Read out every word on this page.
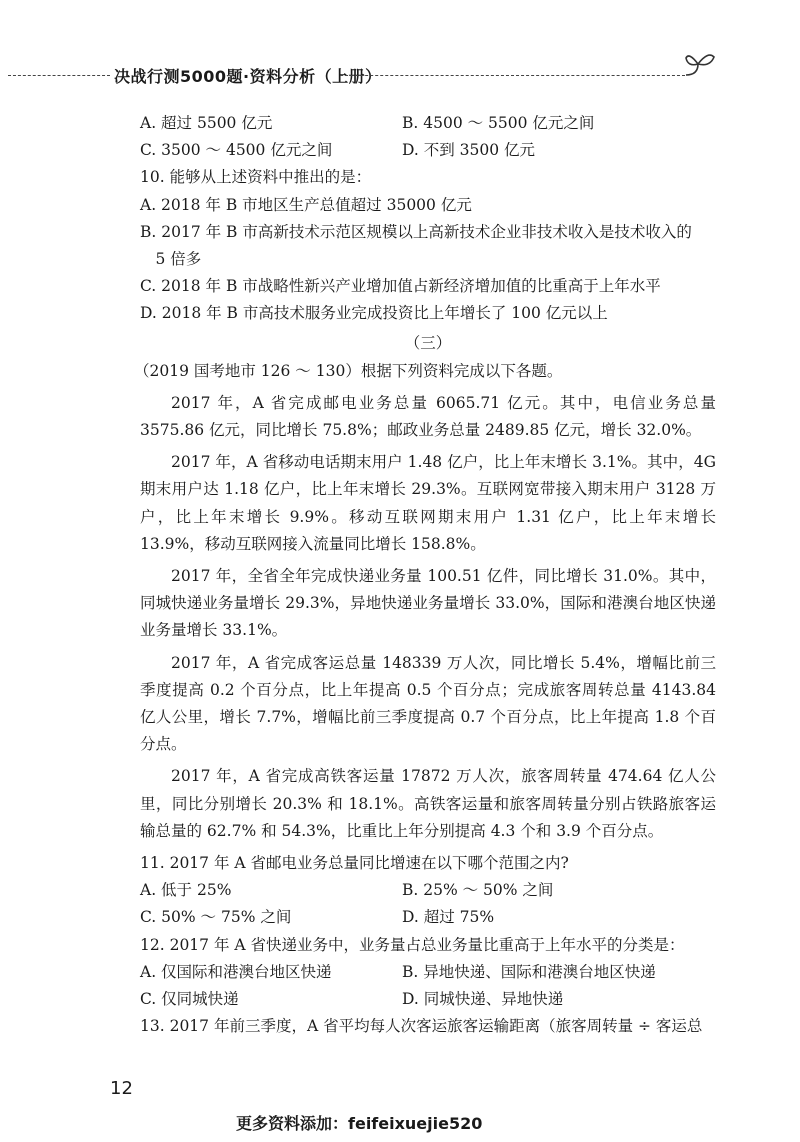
决战行测5000题·资料分析（上册）
A. 超过 5500 亿元	B. 4500 ～ 5500 亿元之间
C. 3500 ～ 4500 亿元之间	D. 不到 3500 亿元
10. 能够从上述资料中推出的是：
A. 2018 年 B 市地区生产总值超过 35000 亿元
B. 2017 年 B 市高新技术示范区规模以上高新技术企业非技术收入是技术收入的
5 倍多
C. 2018 年 B 市战略性新兴产业增加值占新经济增加值的比重高于上年水平
D. 2018 年 B 市高技术服务业完成投资比上年增长了 100 亿元以上
（三）
（2019 国考地市 126 ～ 130）根据下列资料完成以下各题。
2017 年，A 省完成邮电业务总量 6065.71 亿元。其中，电信业务总量 3575.86 亿元，同比增长 75.8%；邮政业务总量 2489.85 亿元，增长 32.0%。
2017 年，A 省移动电话期末用户 1.48 亿户，比上年末增长 3.1%。其中，4G 期末用户达 1.18 亿户，比上年末增长 29.3%。互联网宽带接入期末用户 3128 万户，比上年末增长 9.9%。移动互联网期末用户 1.31 亿户，比上年末增长 13.9%，移动互联网接入流量同比增长 158.8%。
2017 年，全省全年完成快递业务量 100.51 亿件，同比增长 31.0%。其中，同城快递业务量增长 29.3%，异地快递业务量增长 33.0%，国际和港澳台地区快递业务量增长 33.1%。
2017 年，A 省完成客运总量 148339 万人次，同比增长 5.4%，增幅比前三季度提高 0.2 个百分点，比上年提高 0.5 个百分点；完成旅客周转总量 4143.84 亿人公里，增长 7.7%，增幅比前三季度提高 0.7 个百分点，比上年提高 1.8 个百分点。
2017 年，A 省完成高铁客运量 17872 万人次，旅客周转量 474.64 亿人公里，同比分别增长 20.3% 和 18.1%。高铁客运量和旅客周转量分别占铁路旅客运输总量的 62.7% 和 54.3%，比重比上年分别提高 4.3 个和 3.9 个百分点。
11. 2017 年 A 省邮电业务总量同比增速在以下哪个范围之内?
A. 低于 25%	B. 25% ～ 50% 之间
C. 50% ～ 75% 之间	D. 超过 75%
12. 2017 年 A 省快递业务中，业务量占总业务量比重高于上年水平的分类是：
A. 仅国际和港澳台地区快递	B. 异地快递、国际和港澳台地区快递
C. 仅同城快递	D. 同城快递、异地快递
13. 2017 年前三季度，A 省平均每人次客运旅客运输距离（旅客周转量 ÷ 客运总
12
更多资料添加：feifeixuejie520
